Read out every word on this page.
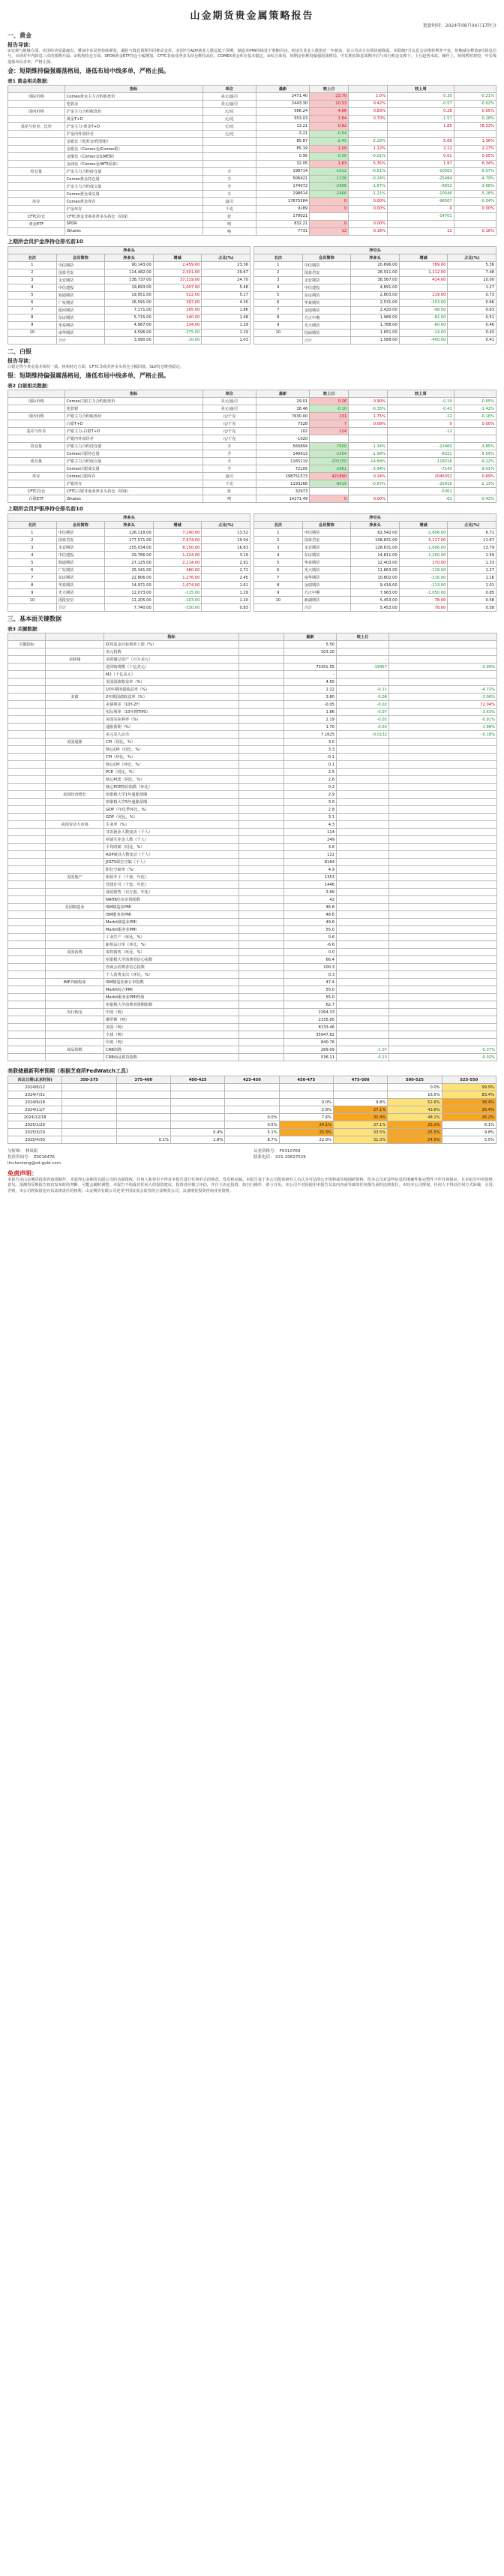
山金期货贵金属策略报告
更新时间：2024年08月04日17时分
一、黄金
报告导读：
①宏观与地缘方面，美国经济显露疲态，叠加中东局势持续紧张，避险与降息预期共同推动金价。美国7月ADP就业人数远低于预期，制造业PMI持续处于收缩区间，初请失业金人数创近一年新高，显示劳动力市场快速降温。美联储7月议息会议维持利率不变，但鲍威尔释放9月降息信号，市场对年内降息三次的预期升温。②机构持仓方面，SPDR黄金ETF持仓小幅增加，CFTC非商业净多头持仓维持高位，COMEX黄金库存基本稳定。③综合来看，短期金价维持偏强震荡格局，中长期在降息周期开启与央行购金支撑下，上行趋势未改。操作上，短线暂时观望，中长线逢低布局多单，严格止损。
金：短期维持偏强震荡格局，逢低布局中线多单，严格止损。
表1 黄金相关数据：
	指标	单位	最新	较上日		较上周	
国际价格	Comex黄金主力合约收盘价	美元/盎司	2471.40	23.70	1.0%	-5.30	-0.21%
	伦敦金	美元/盎司	2443.30	10.33	0.42%	-0.57	-0.02%
国内价格	沪金主力合约收盘价	元/克	566.24	4.66	0.83%	0.28	0.05%
	黄金T+D	元/克	553.03	3.84	0.70%	-1.57	-0.28%
基差与价差、比价	沪金主力-黄金T+D	元/克	13.21	0.82		1.85	78.33%
	沪金内外盘价差	元/克	-3.21	-0.64			
	金银比（伦敦金/伦敦银）		85.87	-2.45	-2.29%	5.69	1.36%
	金银比（Comex金/Comex银）		85.19	1.09	1.12%	2.12	2.27%
	金铜比（Comex金/LME铜）		0.95	-0.00	-0.01%	0.01	0.05%
	金油比（Comex金/WTI原油）		32.05	1.83	5.35%	1.97	6.34%
持仓量	沪金主力合约持仓量	手	198714	-1012	-0.51%	-10563	-5.07%
	Comex黄金持仓量	手	506421	-1236	-0.24%	-25484	-4.79%
	沪金主力合约成交量	手	174072	-2956	-1.67%	-6652	-3.68%
	Comex黄金成交量	手	198614	-2466	-1.21%	-10546	-5.18%
库存	Comex黄金库存	盎司	17675584	0	0.00%	-96507	-0.54%
	沪金库存	千克	9189	0	0.00%	0	0.00%
CFTC持仓	CFTC黄金非商业净多头持仓（周度）	张	179021			-14701	
黄金ETF	SPDR	吨	832.21	0	0.00%		
	iShares	吨	7731	12	0.16%	12	0.16%
上期所会员沪金净持仓排名前10
净多头				
名次	会员简称	净多头	增减	占比(%)
1	中信期货	90,143.00	2,459.00	23.36
2	国泰君安	114,482.00	2,501.00	29.67
3	永安期货	138,737.00	37,319.00	24.70
4	中信建投	19,893.00	1,007.00	5.48
5	海通期货	19,951.00	522.00	5.17
6	广发期货	16,591.00	397.00	4.30
7	银河期货	7,171.00	165.00	1.86
8	东证期货	5,715.00	140.00	1.48
9	华泰期货	4,987.00	134.00	1.29
10	南华期货	4,596.00	-375.00	1.19
	合计	3,990.00	-10.00	1.03
净空头				
名次	会员简称	净多头	增减	占比(%)
1	中信期货	20,696.00	789.00	5.36
2	国泰君安	28,911.00	1,112.00	7.48
3	永安期货	38,567.00	414.00	10.00
4	中信建投	4,891.00		1.27
5	东证期货	2,803.00	219.00	0.73
6	华泰期货	2,531.00	-153.00	0.66
7	金瑞期货	2,420.00	-98.00	0.63
8	方正中期	1,966.00	-82.00	0.51
9	光大期货	1,788.00	-60.00	0.46
10	招商期货	1,651.00	-14.00	0.43
	合计	1,588.00	-400.00	0.41
二、白银
报告导读：
白银走势与黄金基本保持一致。机构持仓方面，CFTC非商业净多头持仓小幅回落，SLV持仓维持稳定。
银：短期维持偏强震荡格局，逢低布局中线多单，严格止损。
表2 白银相关数据：
	指标	单位	最新	较上日		较上周	
国际价格	Comex白银主力合约收盘价	美元/盎司	29.01	0.26	0.90%	-0.19	-0.65%
	伦敦银	美元/盎司	28.46	-0.10	-0.35%	-0.41	-1.42%
国内价格	沪银主力合约收盘价	元/千克	7630.00	131	1.75%	-12	-0.16%
	白银T+D	元/千克	7528	7	0.09%	0	0.00%
基差与价差	沪银主力-白银T+D	元/千克	102	124		-12	
	沪银内外盘价差	元/千克	-1020				
持仓量	沪银主力合约持仓量	手	560894	-7600	-1.34%	-22460	-3.85%
	Comex白银持仓量	手	140613	-2264	-1.58%	-8321	-5.59%
成交量	沪银主力合约成交量	手	1165219	-203150	-14.84%	-118316	-9.22%
	Comex白银成交量	手	72105	-2961	-3.94%	-7143	-9.01%
库存	Comex白银库存	盎司	298751573	421890	0.14%	2046352	0.69%
	沪银库存	千克	1193268	-8019	-0.67%	-25916	-2.13%
CFTC持仓	CFTC白银非商业净多头持仓（周度）	张	32973			-5301	
白银ETF	iShares	吨	14271.49	0	0.00%	-61	-0.43%
上期所会员沪银净持仓排名前10
净多头				
名次	会员简称	净多头	增减	占比(%)
1	中信期货	126,118.00	7,140.00	13.52
2	国泰君安	177,571.00	7,974.00	19.04
3	永安期货	155,034.00	8,150.00	16.63
4	中信建投	29,766.00	1,224.00	3.19
5	海通期货	27,125.00	2,114.00	2.91
6	广发期货	25,341.00	480.00	2.72
7	东证期货	22,806.00	1,276.00	2.45
8	华泰期货	14,971.00	1,074.00	1.61
9	光大期货	12,073.00	-115.00	1.29
10	国投安信	11,205.00	-103.00	1.20
	合计	7,740.00	-330.00	0.83
净空头				
名次	会员简称	净多头	增减	占比(%)
1	中信期货	62,542.00	-2,606.00	6.71
2	国泰君安	108,831.00	5,117.00	11.67
3	永安期货	128,631.00	-1,606.00	13.79
4	东证期货	14,811.00	-1,200.00	1.59
5	华泰期货	12,403.00	170.00	1.33
6	光大期货	11,863.00	-118.00	1.27
7	南华期货	10,802.00	-216.00	1.16
8	金瑞期货	9,416.00	-113.00	1.01
9	方正中期	7,963.00	-1,050.00	0.85
10	新湖期货	5,453.00	78.00	0.58
	合计	5,453.00	78.00	0.58
三、基本面关键数据
表3 关键数据：
		指标		最新	较上日	
关键指标		联邦基金目标利率上限（%）		5.50		
		美元指数		103.20		
	美联储	美联储总资产（百万美元）			-	
		逆回购规模（十亿美元）		73351.55	-19457	-0.99%
		M2（十亿美元）		-		
		美国国债收益率（%）		4.50		
		10年期国债收益率（%）		2.22	-0.11	-4.72%
	美债	2年期国债收益率（%）		3.80	-0.08	-2.06%
		美债利差（10Y-2Y）		-0.05	-0.02	72.04%
		实际利率（10年期TIPS）		1.86	-0.07	-3.63%
		美国实际利率（%）		2.19	-0.02	-0.91%
		通胀预期（%）		1.70	-0.03	-1.96%
		美元兑人民币		7.1625	-0.0132	-0.18%
	美国通胀	CPI（同比，%）		3.0		
		核心CPI（同比，%）		3.3		
		CPI（环比，%）		-0.1		
		核心CPI（环比，%）		0.1		
		PCE（同比，%）		2.5		
		核心PCE（同比，%）		2.6		
		核心PCE物价指数（环比）		0.2		
	美国经济增长	密歇根大学1年通胀预期		2.9		
		密歇根大学5年通胀预期		3.0		
		GDP（年化季环比，%）		2.8		
		GDP（同比，%）		3.1		
	美国劳动力市场	失业率（%）		4.3		
		非农就业人数变动（千人）		114		
		初请失业金人数（千人）		249		
		平均时薪（同比，%）		3.6		
		ADP就业人数变动（千人）		122		
		JOLTS职位空缺（千人）		8184		
		职位空缺率（%）		4.9		
	美国地产	新屋开工（千套，年化）		1353		
		营建许可（千套，年化）		1446		
		成屋销售（百万套，年化）		3.89		
		NAHB住房市场指数		42		
	美国制造业	ISM制造业PMI		46.8		
		ISM服务业PMI		48.8		
		Markit制造业PMI		49.6		
		Markit服务业PMI		55.0		
		工业生产（环比，%）		0.6		
		耐用品订单（环比，%）		-6.6		
	美国消费	零售销售（环比，%）		0.0		
		密歇根大学消费者信心指数		66.4		
		咨商会消费者信心指数		100.3		
		个人消费支出（环比，%）		0.3		
	IMF外储构成	ISM制造业新订单指数		47.4		
		Markit综合PMI		55.0		
		Markit服务业PMI终值		55.0		
		密歇根大学消费者预期指数		62.7		
	央行购金	中国（吨）		2264.33		
		俄罗斯（吨）		2335.85		
		美国（吨）		8133.46		
		全球（吨）		35947.82		
		印度（吨）		840.76		
	商品指数	CRB指数		289.09	-1.07	-0.37%
		CRB商品现货指数		536.11	-0.13	-0.02%
美联储最新利率预期（根据芝商所FedWatch工具）
决议日期(北京时间)	350-375	375-400	400-425	425-450	450-475	475-500	500-525	525-550
2024/6/12							0.0%	99.9%
2024/7/31							16.5%	83.4%
2024/9/18					0.0%	9.8%	52.6%	38.4%
2024/11/7					2.8%	27.1%	43.6%	26.4%
2024/12/18				0.0%	7.6%	32.4%	48.1%	26.2%
2025/1/29				0.5%	24.1%	37.1%	25.2%	6.1%
2025/3/19			0.4%	5.1%	25.3%	33.5%	25.5%	9.8%
2025/4/30		0.1%	1.8%	8.7%	22.0%	31.0%	24.5%	5.5%
分析师： 林凤娟
投资咨询号： Z0016476
linchenlong@sd-gold.com
从业资格号： F0310769
联系电话： 021-20627529
免责声明：
本报告由山金期货投资咨询部制作，未获得山金期货有限公司的书面授权，任何人和单位不得对本报告进行任何形式的修改、发布和复制。本报告基于本公司投资研究人员认为可信的公开资料或实地调研资料，但本公司对这些信息的准确性和完整性不作任何保证，且本报告中的资料、意见、预测均反映报告初次发布时的判断，可能会随时调整。本报告不构成对任何人的投资建议，投资者应独立评估，并自主决定投资，如自行操作，盈亏自负。本公司不对因使用本报告及其内容而导致的任何损失承担法律责任。未经本公司授权，任何人不得以任何方式转载、引用，否则，本公司将保留追究其法律责任的权利。山金期货有限公司是受中国证监会监管的合法期货公司，具备期货投资咨询业务资格。
